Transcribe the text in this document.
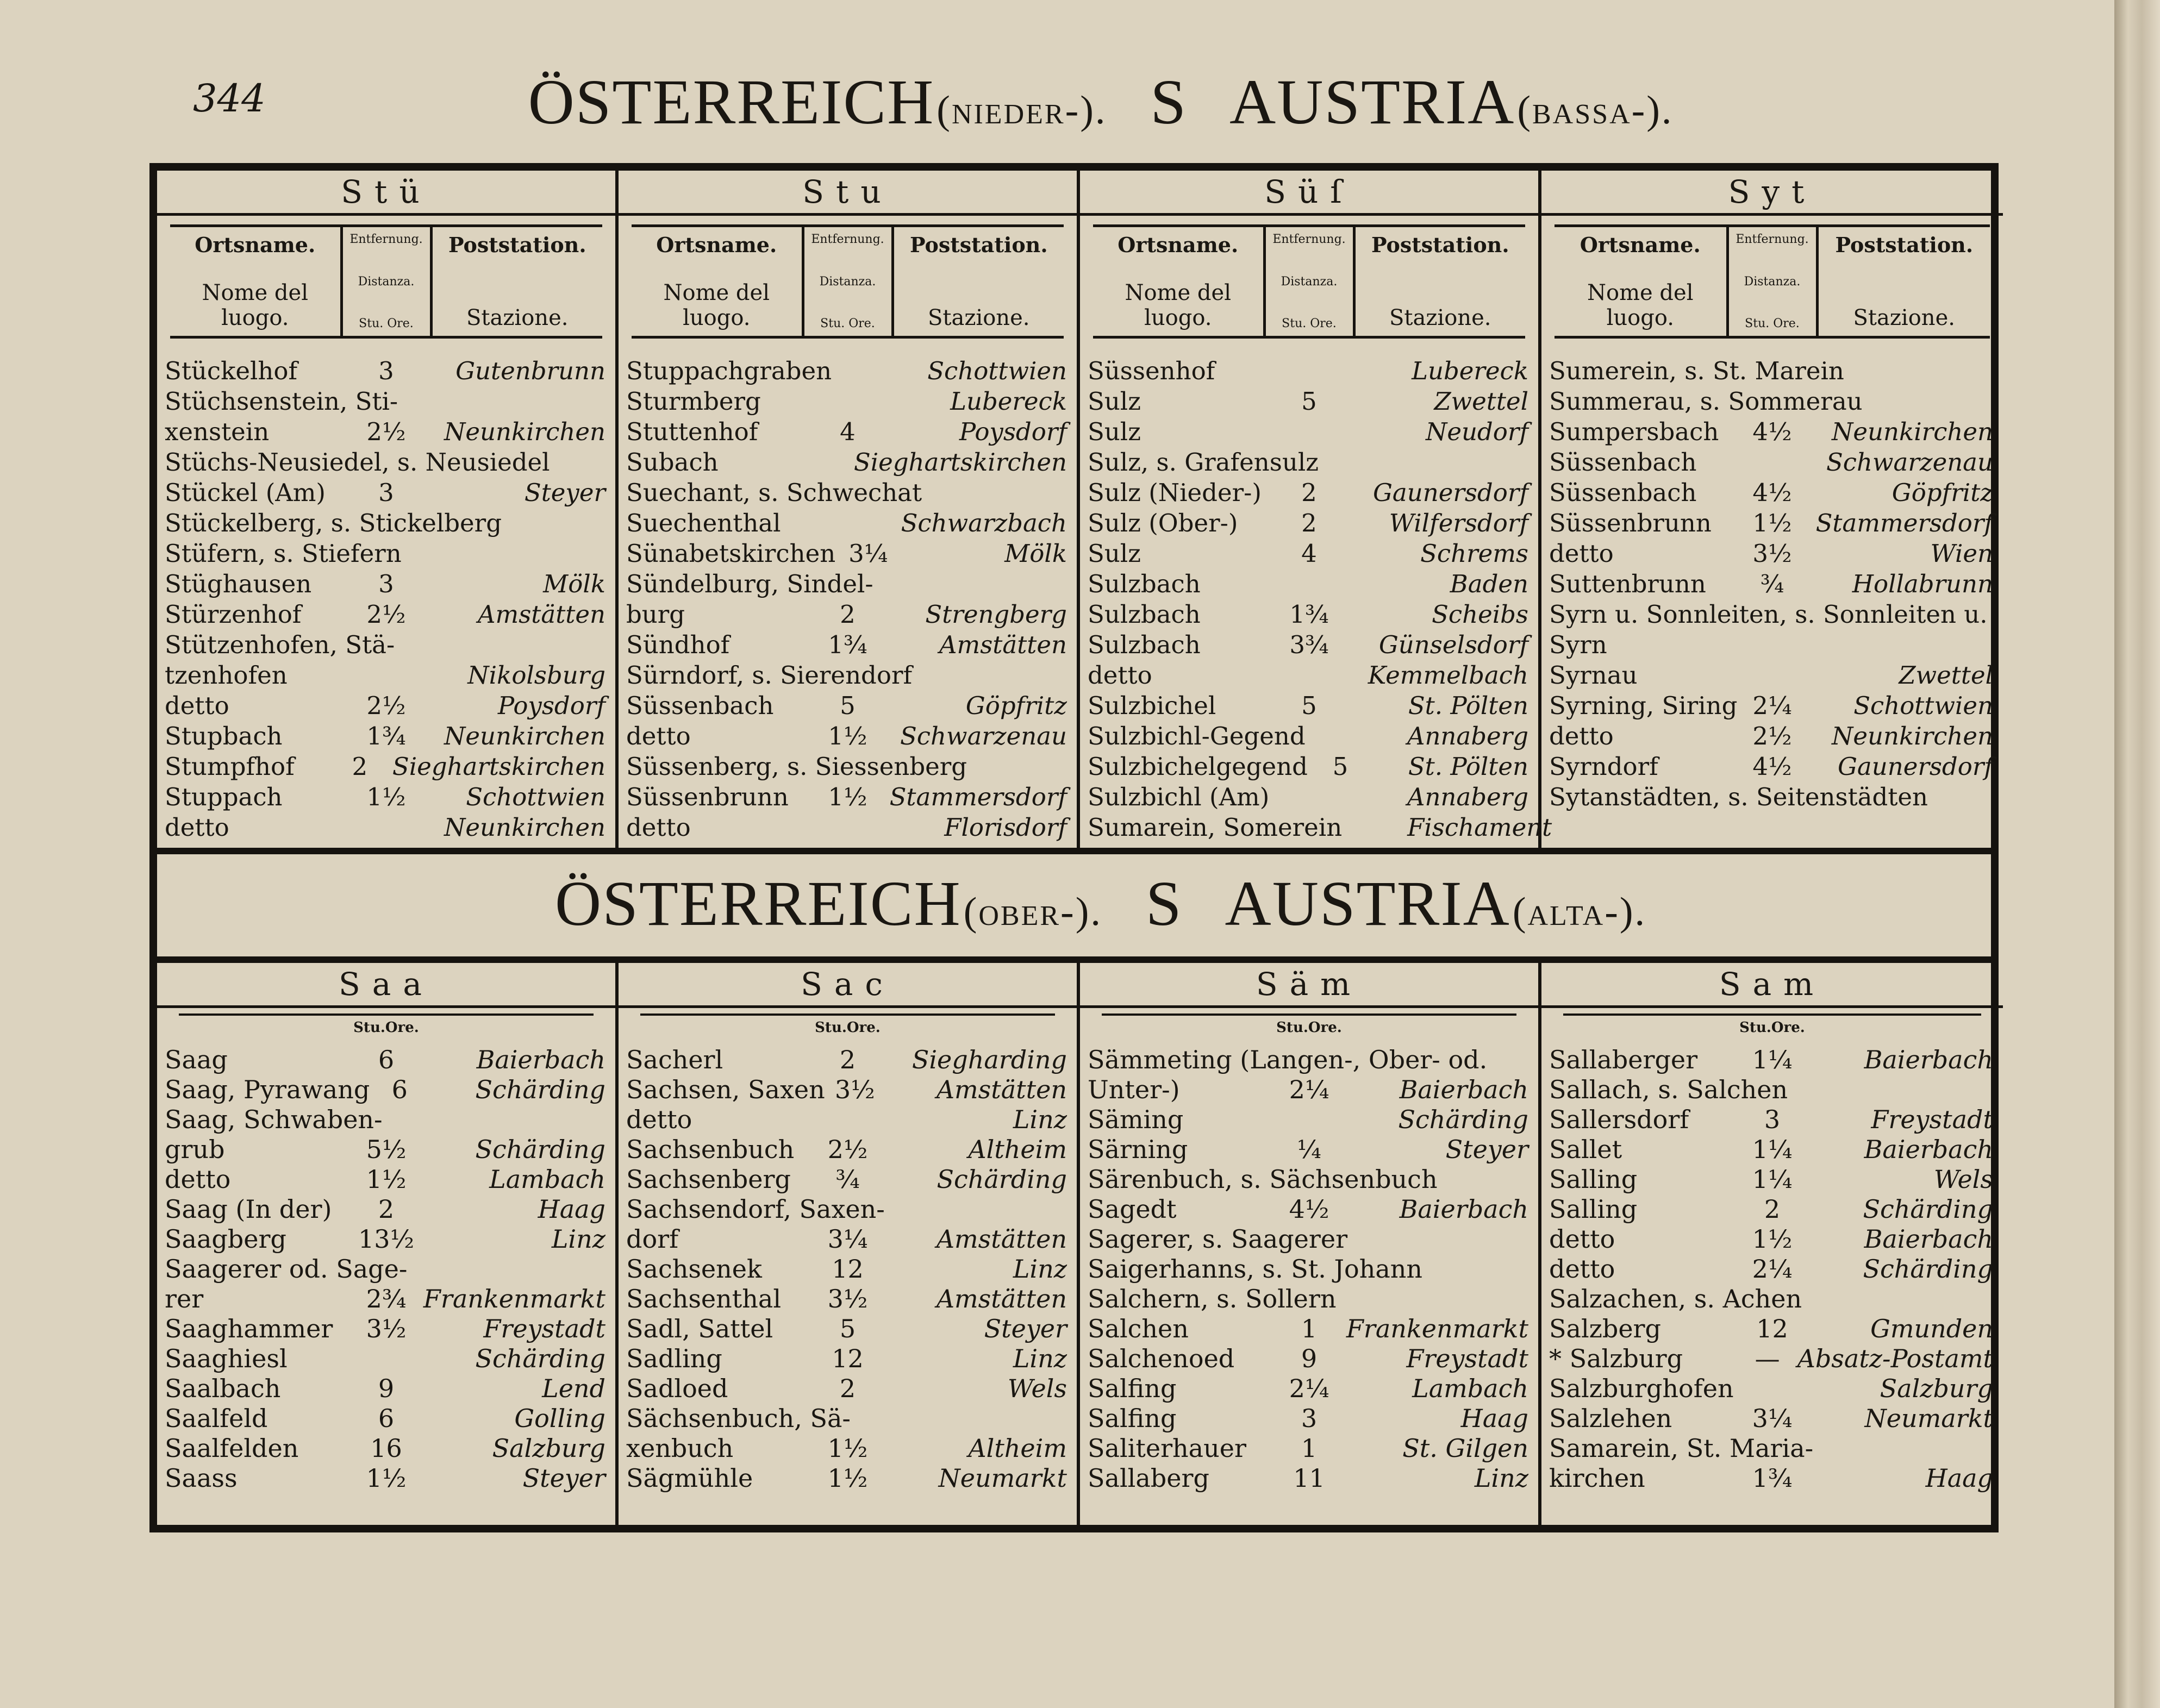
344	ÖSTERREICH (nieder-). S AUSTRIA (bassa-).
ÖSTERREICH (ober-). S AUSTRIA (alta-).
Stü
Ortsname.
Nome del luogo.
Entfernung.
Distanza.
Stu. Ore.
Poststation.
Stazione.
Stückelhof	3	Gutenbrunn
Stüchsenstein, Sti-
xenstein	2½	Neunkirchen
Stüchs-Neusiedel, s. Neusiedel
Stückel (Am)	3	Steyer
Stückelberg, s. Stickelberg
Stüfern, s. Stiefern
Stüghausen	3	Mölk
Stürzenhof	2½	Amstätten
Stützenhofen, Stä-
tzenhofen	Nikolsburg
detto	2½	Poysdorf
Stupbach	1¾	Neunkirchen
Stumpfhof	2	Sieghartskirchen
Stuppach	1½	Schottwien
detto	Neunkirchen
Stu
Ortsname.
Nome del luogo.
Entfernung.
Distanza.
Stu. Ore.
Poststation.
Stazione.
Stuppachgraben	Schottwien
Sturmberg	Lubereck
Stuttenhof	4	Poysdorf
Subach	Sieghartskirchen
Suechant, s. Schwechat
Suechenthal	Schwarzbach
Sünabetskirchen 3¼	Mölk
Sündelburg, Sindel-
burg	2	Strengberg
Sündhof	1¾	Amstätten
Sürndorf, s. Sierendorf
Süssenbach	5	Göpfritz
detto	1½	Schwarzenau
Süssenberg, s. Siessenberg
Süssenbrunn	1½ Stammersdorf
detto	Florisdorf
Süſ
Ortsname.
Nome del luogo.
Entfernung.
Distanza.
Stu. Ore.
Poststation.
Stazione.
Süssenhof	Lubereck
Sulz	5	Zwettel
Sulz	Neudorf
Sulz, s. Grafensulz
Sulz (Nieder-)	2	Gaunersdorf
Sulz (Ober-)	2	Wilfersdorf
Sulz	4	Schrems
Sulzbach	Baden
Sulzbach	1¾	Scheibs
Sulzbach	3¾	Günselsdorf
detto	Kemmelbach
Sulzbichel	5	St. Pölten
Sulzbichl-Gegend	Annaberg
Sulzbichelgegend	5	St. Pölten
Sulzbichl (Am)	Annaberg
Sumarein, Somerein	Fischament
Syt
Ortsname.
Nome del luogo.
Entfernung.
Distanza.
Stu. Ore.
Poststation.
Stazione.
Sumerein, s. St. Marein
Summerau, s. Sommerau
Sumpersbach	4½	Neunkirchen
Süssenbach	Schwarzenau
Süssenbach	4½	Göpfritz
Süssenbrunn	1½ Stammersdorf
detto	3½	Wien
Suttenbrunn	¾	Hollabrunn
Syrn u. Sonnleiten, s. Sonnleiten u.
Syrn
Syrnau	Zwettel
Syrning, Siring 2¼	Schottwien
detto	2½	Neunkirchen
Syrndorf	4½	Gaunersdorf
Sytanstädten, s. Seitenstädten
Saa
Stu.Ore.
Saag	6	Baierbach
Saag, Pyrawang 6	Schärding
Saag, Schwaben-
grub	5½	Schärding
detto	1½	Lambach
Saag (In der)	2	Haag
Saagberg	13½	Linz
Saagerer od. Sage-
rer	2¾ Frankenmarkt
Saaghammer	3½	Freystadt
Saaghiesl	Schärding
Saalbach	9	Lend
Saalfeld	6	Golling
Saalfelden	16	Salzburg
Saass	1½	Steyer
Sac
Stu.Ore.
Sacherl	2	Siegharding
Sachsen, Saxen 3½	Amstätten
detto	Linz
Sachsenbuch	2½	Altheim
Sachsenberg	¾	Schärding
Sachsendorf, Saxen-
dorf	3¼	Amstätten
Sachsenek	12	Linz
Sachsenthal	3½	Amstätten
Sadl, Sattel	5	Steyer
Sadling	12	Linz
Sadloed	2	Wels
Sächsenbuch, Sä-
xenbuch	1½	Altheim
Sägmühle	1½	Neumarkt
Säm
Stu.Ore.
Sämmeting (Langen-, Ober- od.
Unter-)	2¼	Baierbach
Säming	Schärding
Särning	¼	Steyer
Särenbuch, s. Sächsenbuch
Sagedt	4½	Baierbach
Sagerer, s. Saagerer
Saigerhanns, s. St. Johann
Salchern, s. Sollern
Salchen	1	Frankenmarkt
Salchenoed	9	Freystadt
Salfing	2¼	Lambach
Salfing	3	Haag
Saliterhauer	1	St. Gilgen
Sallaberg	11	Linz
Sam
Stu.Ore.
Sallaberger	1¼	Baierbach
Sallach, s. Salchen
Sallersdorf	3	Freystadt
Sallet	1¼	Baierbach
Salling	1¼	Wels
Salling	2	Schärding
detto	1½	Baierbach
detto	2¼	Schärding
Salzachen, s. Achen
Salzberg	12	Gmunden
* Salzburg	— Absatz-Postamt
Salzburghofen	Salzburg
Salzlehen	3¼	Neumarkt
Samarein, St. Maria-
kirchen	1¾	Haag
